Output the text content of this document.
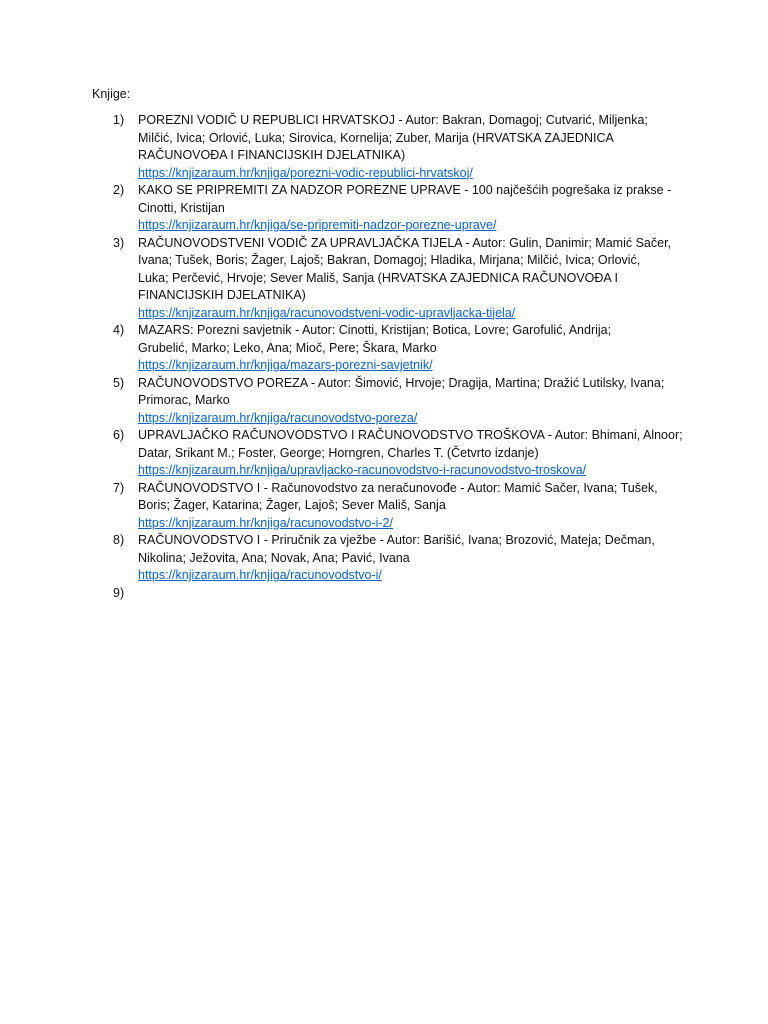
Knjige:
1)	POREZNI VODIČ U REPUBLICI HRVATSKOJ - Autor: Bakran, Domagoj; Cutvarić, Miljenka;
Milčić, Ivica; Orlović, Luka; Sirovica, Kornelija; Zuber, Marija (HRVATSKA ZAJEDNICA
RAČUNOVOĐA I FINANCIJSKIH DJELATNIKA)
https://knjizaraum.hr/knjiga/porezni-vodic-republici-hrvatskoj/
2)	KAKO SE PRIPREMITI ZA NADZOR POREZNE UPRAVE - 100 najčešćih pogrešaka iz prakse -
Cinotti, Kristijan
https://knjizaraum.hr/knjiga/se-pripremiti-nadzor-porezne-uprave/
3)	RAČUNOVODSTVENI VODIČ ZA UPRAVLJAČKA TIJELA - Autor: Gulin, Danimir; Mamić Sačer,
Ivana; Tušek, Boris; Žager, Lajoš; Bakran, Domagoj; Hladika, Mirjana; Milčić, Ivica; Orlović,
Luka; Perčević, Hrvoje; Sever Mališ, Sanja (HRVATSKA ZAJEDNICA RAČUNOVOĐA I
FINANCIJSKIH DJELATNIKA)
https://knjizaraum.hr/knjiga/racunovodstveni-vodic-upravljacka-tijela/
4)	MAZARS: Porezni savjetnik - Autor: Cinotti, Kristijan; Botica, Lovre; Garofulić, Andrija;
Grubelić, Marko; Leko, Ana; Mioč, Pere; Škara, Marko
https://knjizaraum.hr/knjiga/mazars-porezni-savjetnik/
5)	RAČUNOVODSTVO POREZA - Autor: Šimović, Hrvoje; Dragija, Martina; Dražić Lutilsky, Ivana;
Primorac, Marko
https://knjizaraum.hr/knjiga/racunovodstvo-poreza/
6)	UPRAVLJAČKO RAČUNOVODSTVO I RAČUNOVODSTVO TROŠKOVA - Autor: Bhimani, Alnoor;
Datar, Srikant M.; Foster, George; Horngren, Charles T. (Četvrto izdanje)
https://knjizaraum.hr/knjiga/upravljacko-racunovodstvo-i-racunovodstvo-troskova/
7)	RAČUNOVODSTVO I - Računovodstvo za neračunovođe - Autor: Mamić Sačer, Ivana; Tušek,
Boris; Žager, Katarina; Žager, Lajoš; Sever Mališ, Sanja
https://knjizaraum.hr/knjiga/racunovodstvo-i-2/
8)	RAČUNOVODSTVO I - Priručnik za vježbe - Autor: Barišić, Ivana; Brozović, Mateja; Dečman,
Nikolina; Ježovita, Ana; Novak, Ana; Pavić, Ivana
https://knjizaraum.hr/knjiga/racunovodstvo-i/
9)
